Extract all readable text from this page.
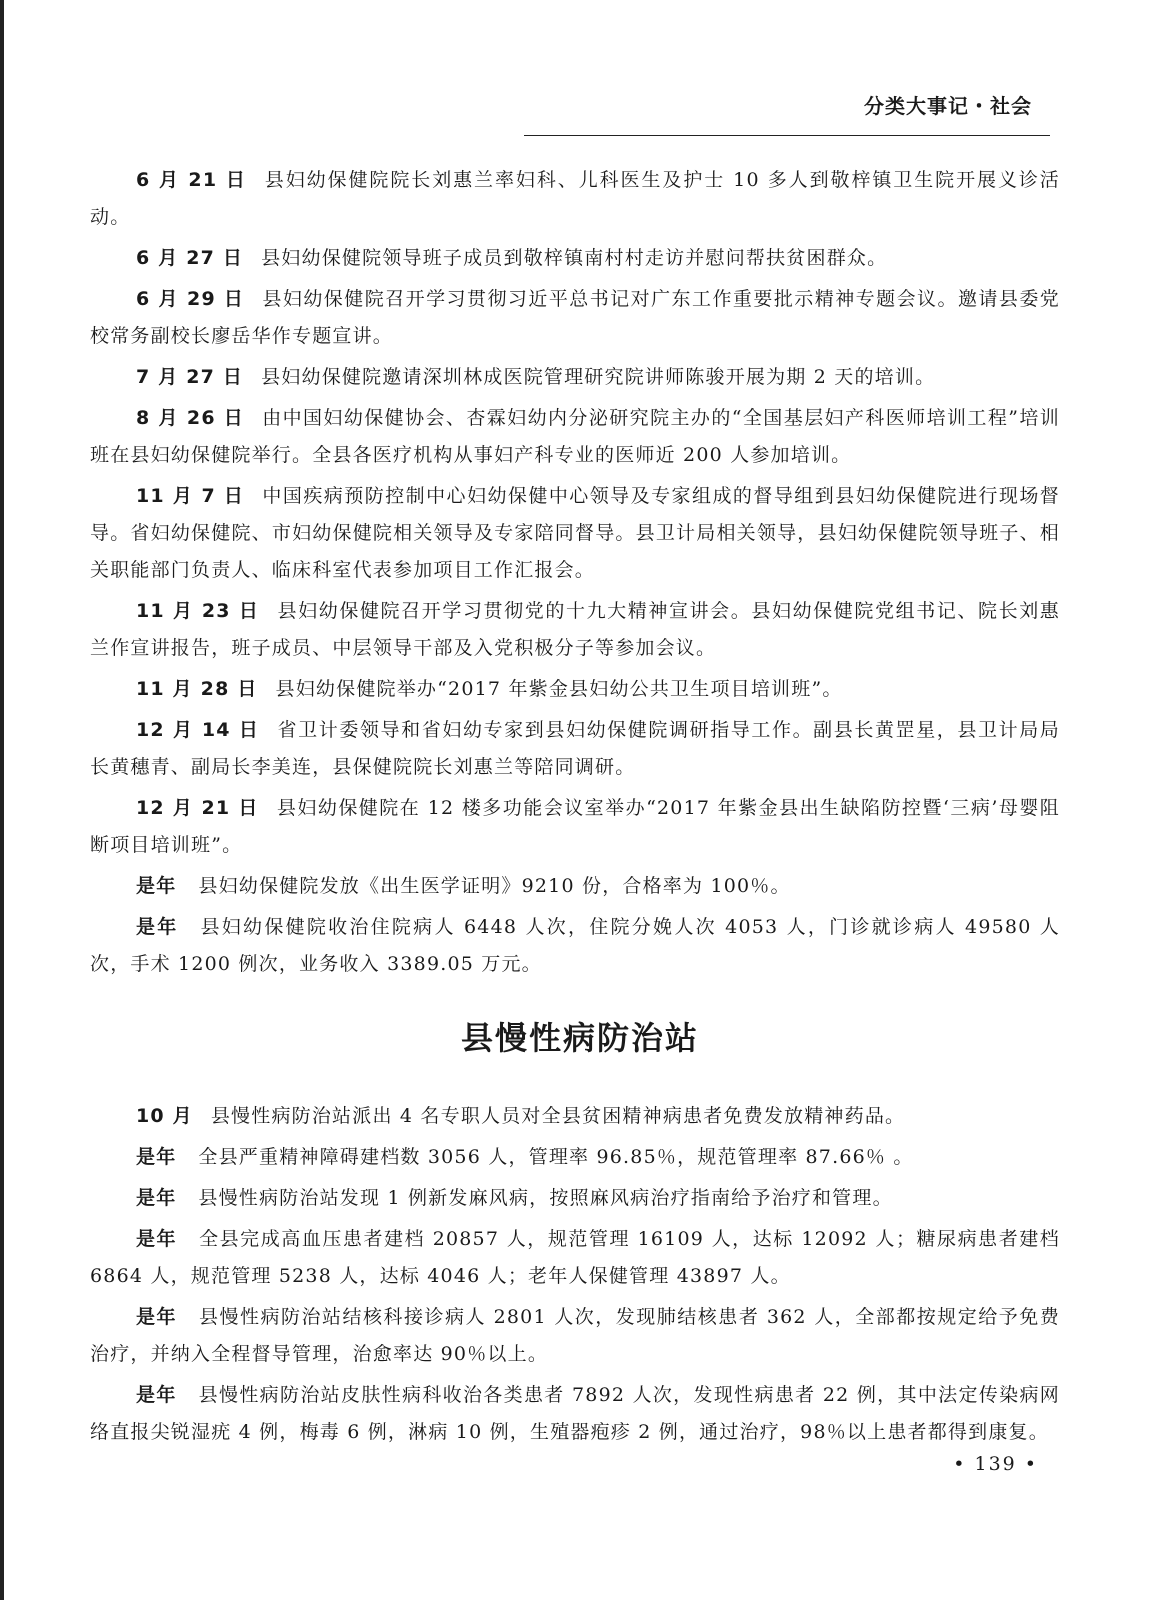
分类大事记・社会

6 月 21 日 县妇幼保健院院长刘惠兰率妇科、儿科医生及护士 10 多人到敬梓镇卫生院开展义诊活动。

6 月 27 日 县妇幼保健院领导班子成员到敬梓镇南村村走访并慰问帮扶贫困群众。

6 月 29 日 县妇幼保健院召开学习贯彻习近平总书记对广东工作重要批示精神专题会议。邀请县委党校常务副校长廖岳华作专题宣讲。

7 月 27 日 县妇幼保健院邀请深圳林成医院管理研究院讲师陈骏开展为期 2 天的培训。

8 月 26 日 由中国妇幼保健协会、杏霖妇幼内分泌研究院主办的“全国基层妇产科医师培训工程”培训班在县妇幼保健院举行。全县各医疗机构从事妇产科专业的医师近 200 人参加培训。

11 月 7 日 中国疾病预防控制中心妇幼保健中心领导及专家组成的督导组到县妇幼保健院进行现场督导。省妇幼保健院、市妇幼保健院相关领导及专家陪同督导。县卫计局相关领导，县妇幼保健院领导班子、相关职能部门负责人、临床科室代表参加项目工作汇报会。

11 月 23 日 县妇幼保健院召开学习贯彻党的十九大精神宣讲会。县妇幼保健院党组书记、院长刘惠兰作宣讲报告，班子成员、中层领导干部及入党积极分子等参加会议。

11 月 28 日 县妇幼保健院举办“2017 年紫金县妇幼公共卫生项目培训班”。

12 月 14 日 省卫计委领导和省妇幼专家到县妇幼保健院调研指导工作。副县长黄罡星，县卫计局局长黄穗青、副局长李美连，县保健院院长刘惠兰等陪同调研。

12 月 21 日 县妇幼保健院在 12 楼多功能会议室举办“2017 年紫金县出生缺陷防控暨‘三病’母婴阻断项目培训班”。

是年 县妇幼保健院发放《出生医学证明》9210 份，合格率为 100％。

是年 县妇幼保健院收治住院病人 6448 人次，住院分娩人次 4053 人，门诊就诊病人 49580 人次，手术 1200 例次，业务收入 3389.05 万元。

县慢性病防治站

10 月 县慢性病防治站派出 4 名专职人员对全县贫困精神病患者免费发放精神药品。

是年 全县严重精神障碍建档数 3056 人，管理率 96.85％，规范管理率 87.66％ 。

是年 县慢性病防治站发现 1 例新发麻风病，按照麻风病治疗指南给予治疗和管理。

是年 全县完成高血压患者建档 20857 人，规范管理 16109 人，达标 12092 人；糖尿病患者建档 6864 人，规范管理 5238 人，达标 4046 人；老年人保健管理 43897 人。

是年 县慢性病防治站结核科接诊病人 2801 人次，发现肺结核患者 362 人，全部都按规定给予免费治疗，并纳入全程督导管理，治愈率达 90％以上。

是年 县慢性病防治站皮肤性病科收治各类患者 7892 人次，发现性病患者 22 例，其中法定传染病网络直报尖锐湿疣 4 例，梅毒 6 例，淋病 10 例，生殖器疱疹 2 例，通过治疗，98％以上患者都得到康复。

• 139 •
